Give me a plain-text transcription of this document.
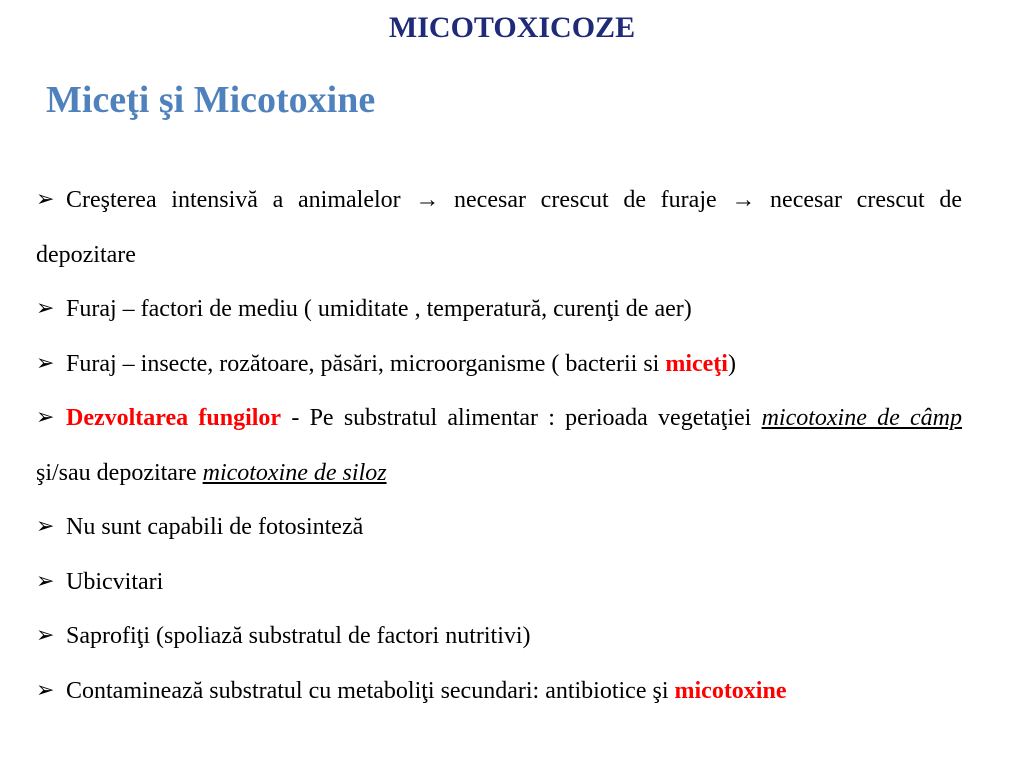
MICOTOXICOZE
Miceţi şi Micotoxine
➢ Creşterea intensivă a animalelor → necesar crescut de furaje → necesar crescut de depozitare
➢ Furaj – factori de mediu ( umiditate , temperatură, curenţi de aer)
➢ Furaj – insecte, rozătoare, păsări, microorganisme ( bacterii si miceţi)
➢ Dezvoltarea fungilor - Pe substratul alimentar : perioada vegetaţiei micotoxine de câmp şi/sau depozitare micotoxine de siloz
➢ Nu sunt capabili de fotosinteză
➢ Ubicvitari
➢ Saprofiţi (spoliază substratul de factori nutritivi)
➢ Contaminează substratul cu metaboliţi secundari: antibiotice şi micotoxine
